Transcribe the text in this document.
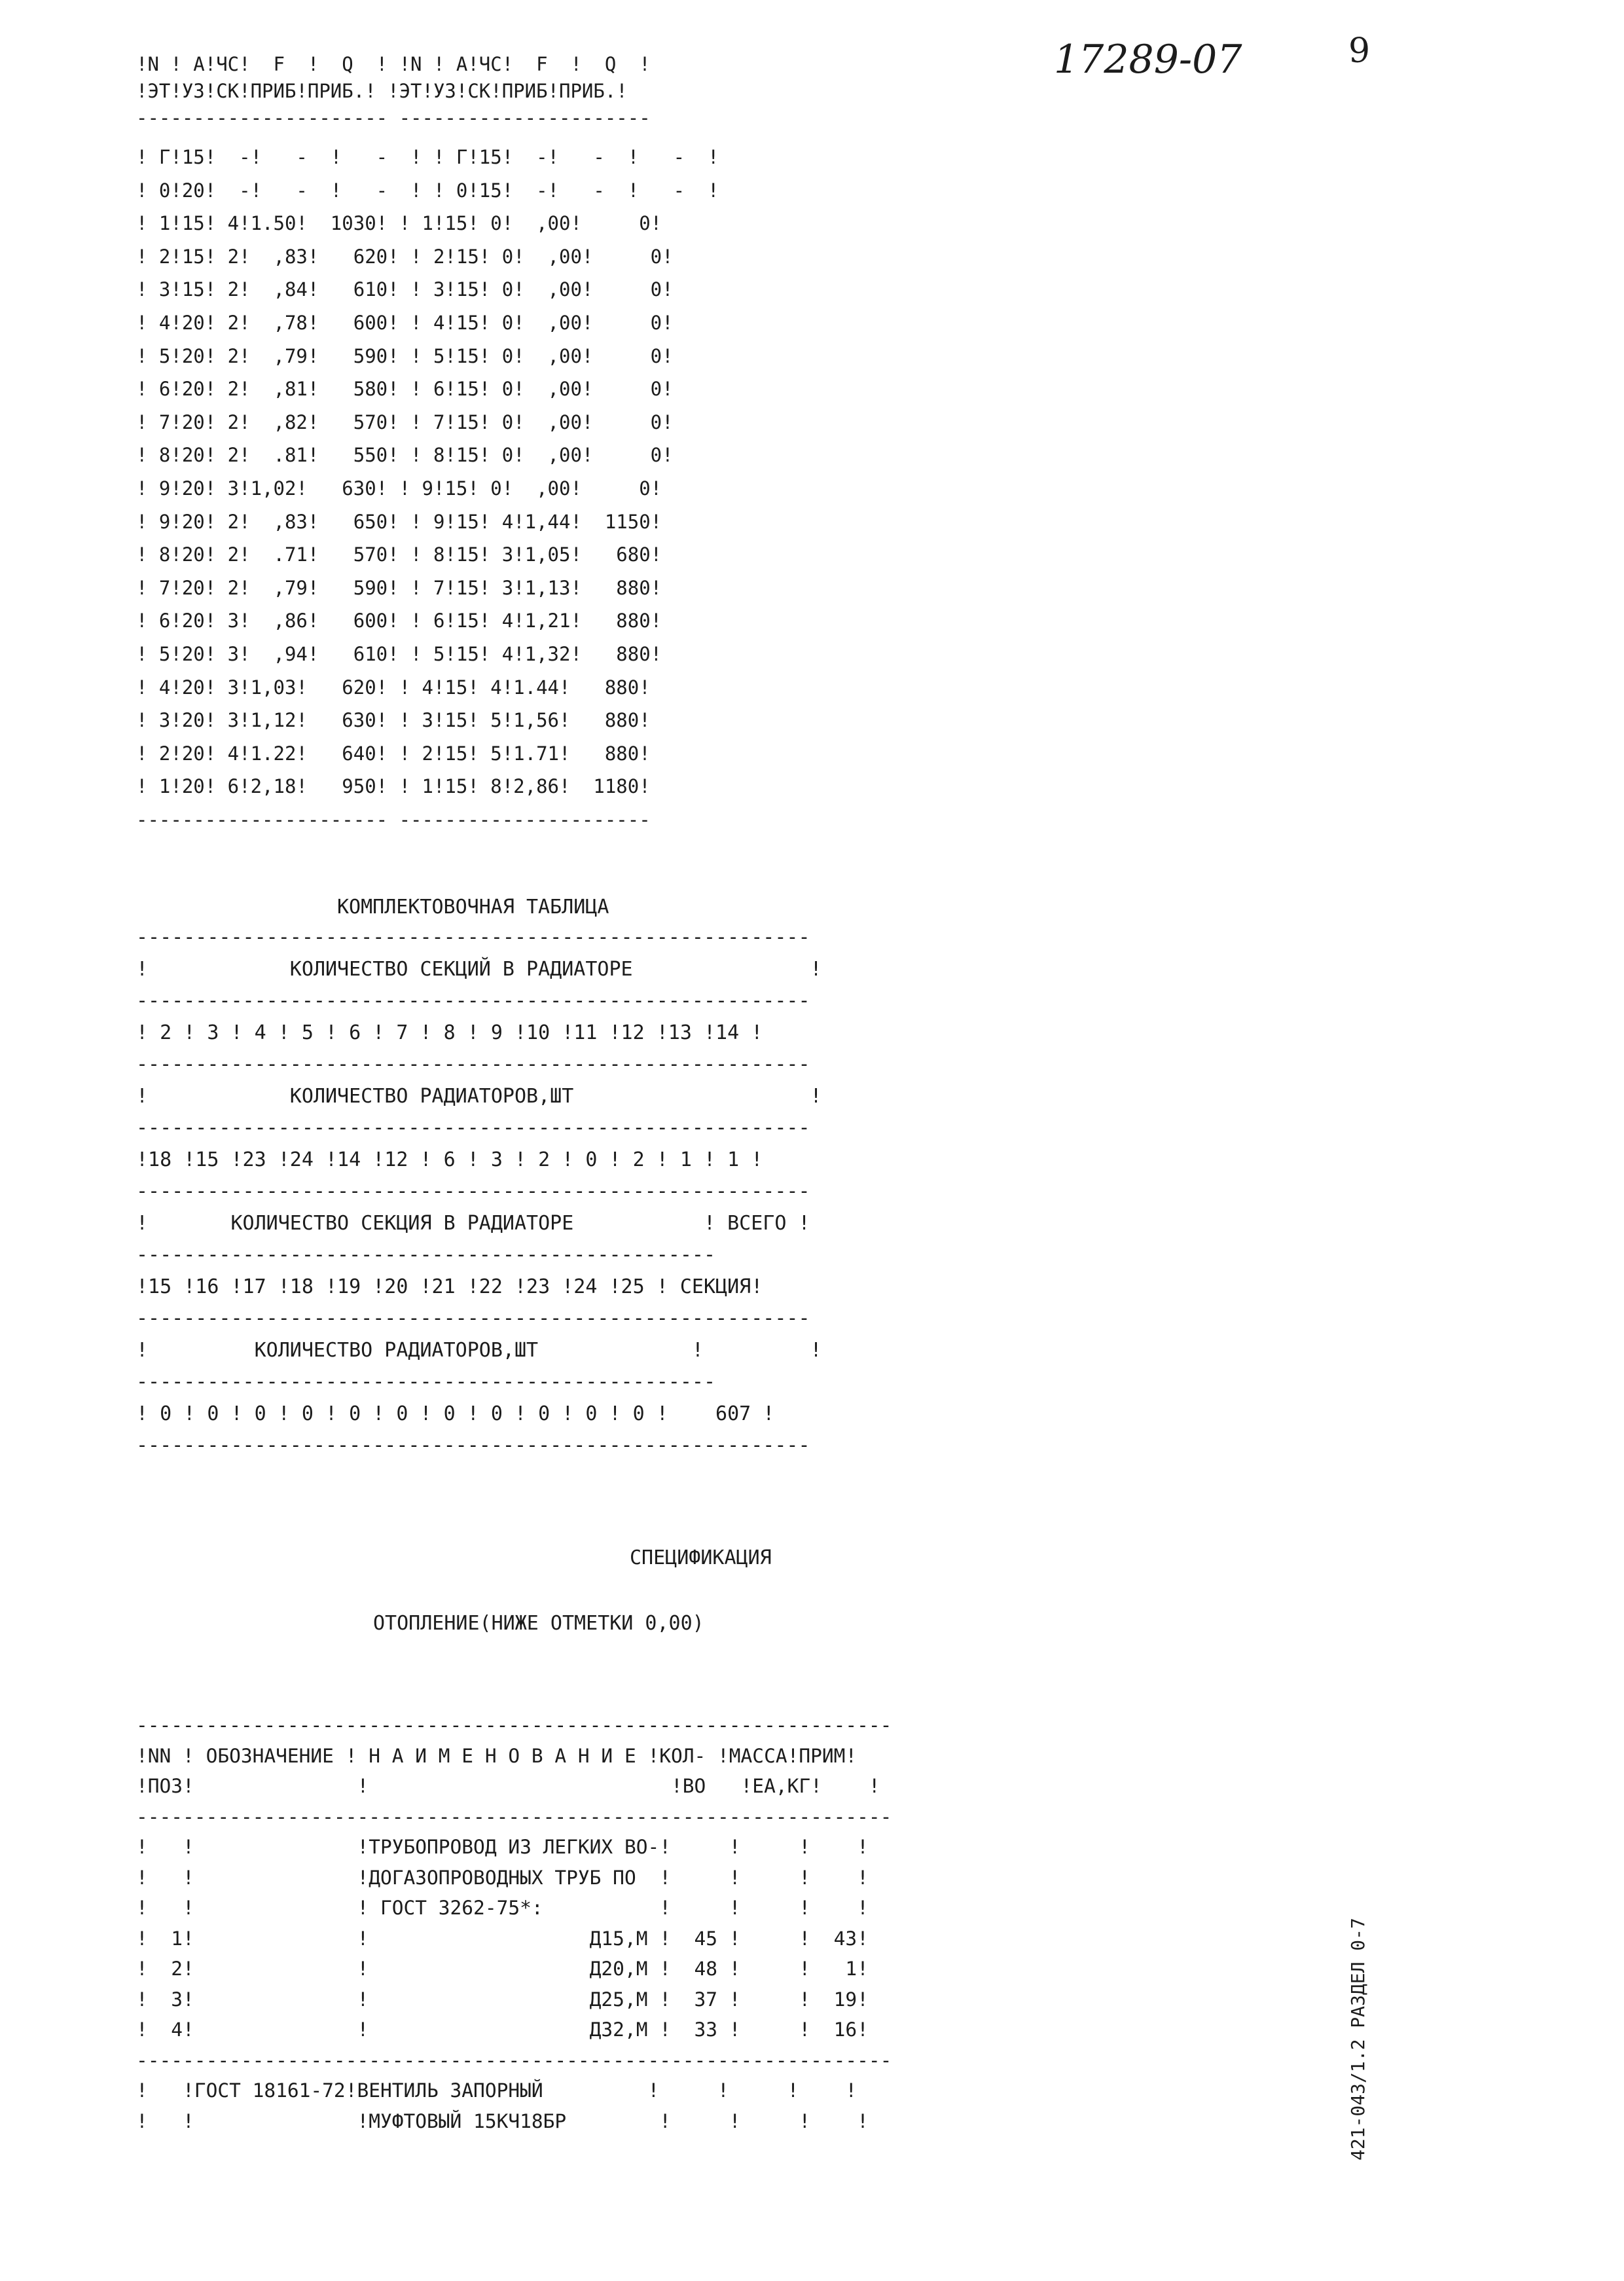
17289-07	9
!N ! А!ЧС!  F  !  Q  ! !N ! А!ЧС!  F  !  Q  !
!ЭТ!УЗ!СК!ПРИБ!ПРИБ.! !ЭТ!УЗ!СК!ПРИБ!ПРИБ.!
---------------------- ----------------------
! Г!15!  -!   -  !   -  ! ! Г!15!  -!   -  !   -  !
! 0!20!  -!   -  !   -  ! ! 0!15!  -!   -  !   -  !
! 1!15! 4!1.50!  1030! ! 1!15! 0!  ,00!     0!
! 2!15! 2!  ,83!   620! ! 2!15! 0!  ,00!     0!
! 3!15! 2!  ,84!   610! ! 3!15! 0!  ,00!     0!
! 4!20! 2!  ,78!   600! ! 4!15! 0!  ,00!     0!
! 5!20! 2!  ,79!   590! ! 5!15! 0!  ,00!     0!
! 6!20! 2!  ,81!   580! ! 6!15! 0!  ,00!     0!
! 7!20! 2!  ,82!   570! ! 7!15! 0!  ,00!     0!
! 8!20! 2!  .81!   550! ! 8!15! 0!  ,00!     0!
! 9!20! 3!1,02!   630! ! 9!15! 0!  ,00!     0!
! 9!20! 2!  ,83!   650! ! 9!15! 4!1,44!  1150!
! 8!20! 2!  .71!   570! ! 8!15! 3!1,05!   680!
! 7!20! 2!  ,79!   590! ! 7!15! 3!1,13!   880!
! 6!20! 3!  ,86!   600! ! 6!15! 4!1,21!   880!
! 5!20! 3!  ,94!   610! ! 5!15! 4!1,32!   880!
! 4!20! 3!1,03!   620! ! 4!15! 4!1.44!   880!
! 3!20! 3!1,12!   630! ! 3!15! 5!1,56!   880!
! 2!20! 4!1.22!   640! ! 2!15! 5!1.71!   880!
! 1!20! 6!2,18!   950! ! 1!15! 8!2,86!  1180!
---------------------- ----------------------
КОМПЛЕКТОВОЧНАЯ ТАБЛИЦА
---------------------------------------------------------
!            КОЛИЧЕСТВО СЕКЦИЙ В РАДИАТОРЕ               !
---------------------------------------------------------
! 2 ! 3 ! 4 ! 5 ! 6 ! 7 ! 8 ! 9 !10 !11 !12 !13 !14 !
---------------------------------------------------------
!            КОЛИЧЕСТВО РАДИАТОРОВ,ШТ                    !
---------------------------------------------------------
!18 !15 !23 !24 !14 !12 ! 6 ! 3 ! 2 ! 0 ! 2 ! 1 ! 1 !
---------------------------------------------------------
!       КОЛИЧЕСТВО СЕКЦИЯ В РАДИАТОРЕ           ! ВСЕГО !
-------------------------------------------------
!15 !16 !17 !18 !19 !20 !21 !22 !23 !24 !25 ! СЕКЦИЯ!
---------------------------------------------------------
!         КОЛИЧЕСТВО РАДИАТОРОВ,ШТ             !         !
-------------------------------------------------
! 0 ! 0 ! 0 ! 0 ! 0 ! 0 ! 0 ! 0 ! 0 ! 0 ! 0 !    607 !
---------------------------------------------------------
СПЕЦИФИКАЦИЯ
ОТОПЛЕНИЕ(НИЖЕ ОТМЕТКИ 0,00)
-----------------------------------------------------------------
!NN ! ОБОЗНАЧЕНИЕ ! Н А И М Е Н О В А Н И Е !КОЛ- !МАССА!ПРИМ!
!ПОЗ!              !                          !ВО   !ЕА,КГ!    !
-----------------------------------------------------------------
!   !              !ТРУБОПРОВОД ИЗ ЛЕГКИХ ВО-!     !     !    !
!   !              !ДОГАЗОПРОВОДНЫХ ТРУБ ПО  !     !     !    !
!   !              ! ГОСТ 3262-75*:          !     !     !    !
!  1!              !                   Д15,М !  45 !     !  43!
!  2!              !                   Д20,М !  48 !     !   1!
!  3!              !                   Д25,М !  37 !     !  19!
!  4!              !                   Д32,М !  33 !     !  16!
-----------------------------------------------------------------
!   !ГОСТ 18161-72!ВЕНТИЛЬ ЗАПОРНЫЙ         !     !     !    !
!   !              !МУФТОВЫЙ 15КЧ18БР        !     !     !    !	421-043/1.2 РАЗДЕЛ 0-7
